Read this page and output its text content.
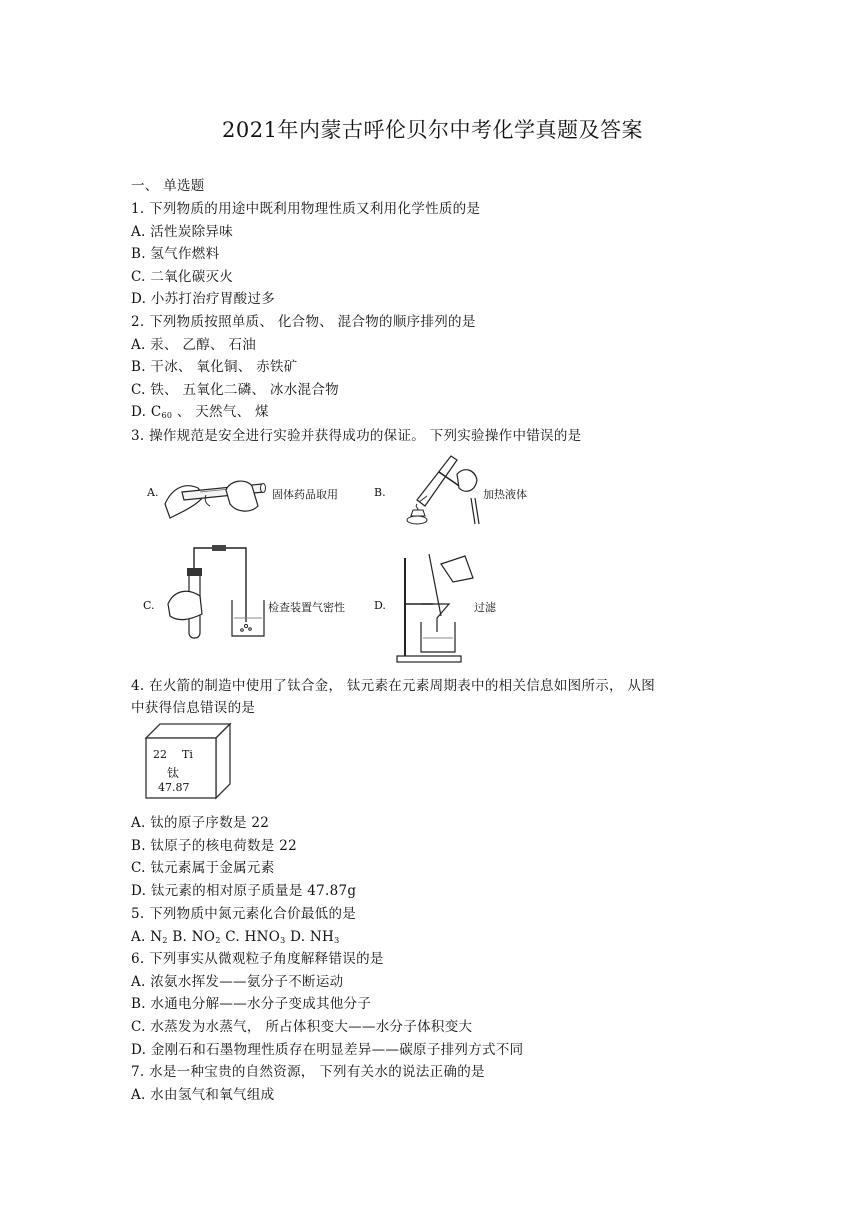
2021年内蒙古呼伦贝尔中考化学真题及答案
一、 单选题
1. 下列物质的用途中既利用物理性质又利用化学性质的是
A. 活性炭除异味
B. 氢气作燃料
C. 二氧化碳灭火
D. 小苏打治疗胃酸过多
2. 下列物质按照单质、 化合物、 混合物的顺序排列的是
A. 汞、 乙醇、 石油
B. 干冰、 氧化铜、 赤铁矿
C. 铁、 五氧化二磷、 冰水混合物
D. $C_{60}$ 、 天然气、 煤
3. 操作规范是安全进行实验并获得成功的保证。 下列实验操作中错误的是
A.	固体药品取用	B.	加热液体
C.	检查装置气密性	D.	过滤
4. 在火箭的制造中使用了钛合金， 钛元素在元素周期表中的相关信息如图所示， 从图
中获得信息错误的是
22 Ti
钛
47.87
A. 钛的原子序数是 22
B. 钛原子的核电荷数是 22
C. 钛元素属于金属元素
D. 钛元素的相对原子质量是 47.87g
5. 下列物质中氮元素化合价最低的是
A. $N_2$ B. $NO_2$ C. $HNO_3$ D. $NH_3$
6. 下列事实从微观粒子角度解释错误的是
A. 浓氨水挥发——氨分子不断运动
B. 水通电分解——水分子变成其他分子
C. 水蒸发为水蒸气， 所占体积变大——水分子体积变大
D. 金刚石和石墨物理性质存在明显差异——碳原子排列方式不同
7. 水是一种宝贵的自然资源， 下列有关水的说法正确的是
A. 水由氢气和氧气组成
